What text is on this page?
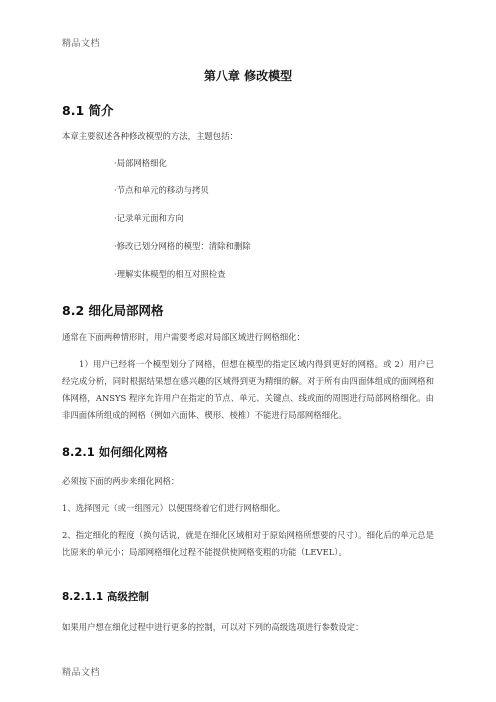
精品文档
第八章 修改模型
8.1 简介
本章主要叙述各种修改模型的方法，主题包括：
·局部网格细化
·节点和单元的移动与拷贝
·记录单元面和方向
·修改已划分网格的模型：清除和删除
·理解实体模型的相互对照检查
8.2 细化局部网格
通常在下面两种情形时，用户需要考虑对局部区域进行网格细化：
1）用户已经将一个模型划分了网格，但想在模型的指定区域内得到更好的网格。或 2）用户已经完成分析，同时根据结果想在感兴趣的区域得到更为精细的解。对于所有由四面体组成的面网格和体网格，ANSYS 程序允许用户在指定的节点、单元、关键点、线或面的周围进行局部网格细化。由非四面体所组成的网格（例如六面体、楔形、棱椎）不能进行局部网格细化。
8.2.1 如何细化网格
必须按下面的两步来细化网格：
1、选择图元（或一组图元）以便围绕着它们进行网格细化。
2、指定细化的程度（换句话说，就是在细化区域相对于原始网格所想要的尺寸）。细化后的单元总是比原来的单元小；局部网格细化过程不能提供使网格变粗的功能（LEVEL）。
8.2.1.1 高级控制
如果用户想在细化过程中进行更多的控制，可以对下列的高级选项进行参数设定：
精品文档
